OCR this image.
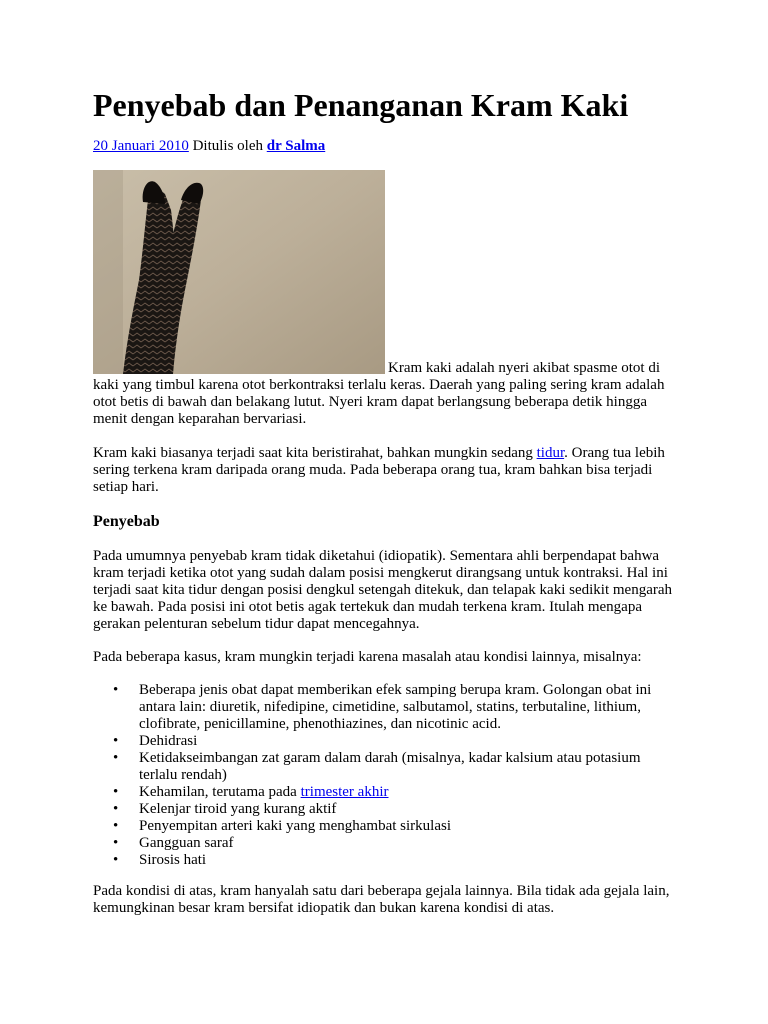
Penyebab dan Penanganan Kram Kaki
20 Januari 2010 Ditulis oleh dr Salma

Kram kaki adalah nyeri akibat spasme otot di kaki yang timbul karena otot berkontraksi terlalu keras. Daerah yang paling sering kram adalah otot betis di bawah dan belakang lutut. Nyeri kram dapat berlangsung beberapa detik hingga menit dengan keparahan bervariasi.

Kram kaki biasanya terjadi saat kita beristirahat, bahkan mungkin sedang tidur. Orang tua lebih sering terkena kram daripada orang muda. Pada beberapa orang tua, kram bahkan bisa terjadi setiap hari.

Penyebab

Pada umumnya penyebab kram tidak diketahui (idiopatik). Sementara ahli berpendapat bahwa kram terjadi ketika otot yang sudah dalam posisi mengkerut dirangsang untuk kontraksi. Hal ini terjadi saat kita tidur dengan posisi dengkul setengah ditekuk, dan telapak kaki sedikit mengarah ke bawah. Pada posisi ini otot betis agak tertekuk dan mudah terkena kram. Itulah mengapa gerakan pelenturan sebelum tidur dapat mencegahnya.

Pada beberapa kasus, kram mungkin terjadi karena masalah atau kondisi lainnya, misalnya:

• Beberapa jenis obat dapat memberikan efek samping berupa kram. Golongan obat ini antara lain: diuretik, nifedipine, cimetidine, salbutamol, statins, terbutaline, lithium, clofibrate, penicillamine, phenothiazines, dan nicotinic acid.
• Dehidrasi
• Ketidakseimbangan zat garam dalam darah (misalnya, kadar kalsium atau potasium terlalu rendah)
• Kehamilan, terutama pada trimester akhir
• Kelenjar tiroid yang kurang aktif
• Penyempitan arteri kaki yang menghambat sirkulasi
• Gangguan saraf
• Sirosis hati

Pada kondisi di atas, kram hanyalah satu dari beberapa gejala lainnya. Bila tidak ada gejala lain, kemungkinan besar kram bersifat idiopatik dan bukan karena kondisi di atas.
